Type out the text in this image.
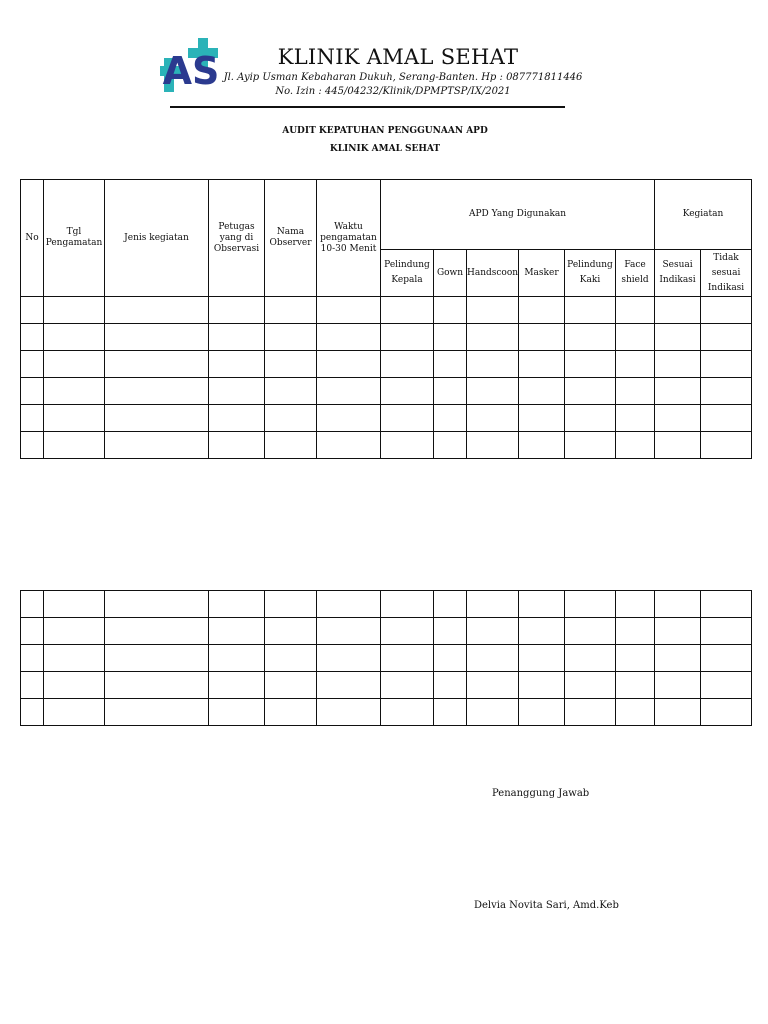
AS	KLINIK AMAL SEHAT
Jl. Ayip Usman Kebaharan Dukuh, Serang-Banten. Hp : 087771811446
No. Izin : 445/04232/Klinik/DPMPTSP/IX/2021
AUDIT KEPATUHAN PENGGUNAAN APD
KLINIK AMAL SEHAT
No	Tgl Pengamatan	Jenis kegiatan	Petugas yang di Observasi	Nama Observer	Waktu pengamatan 10-30 Menit	APD Yang Digunakan						Kegiatan	
						Pelindung Kepala	Gown	Handscoon	Masker	Pelindung Kaki	Face shield	Sesuai Indikasi	Tidak sesuai Indikasi

Penanggung Jawab
Delvia Novita Sari, Amd.Keb
